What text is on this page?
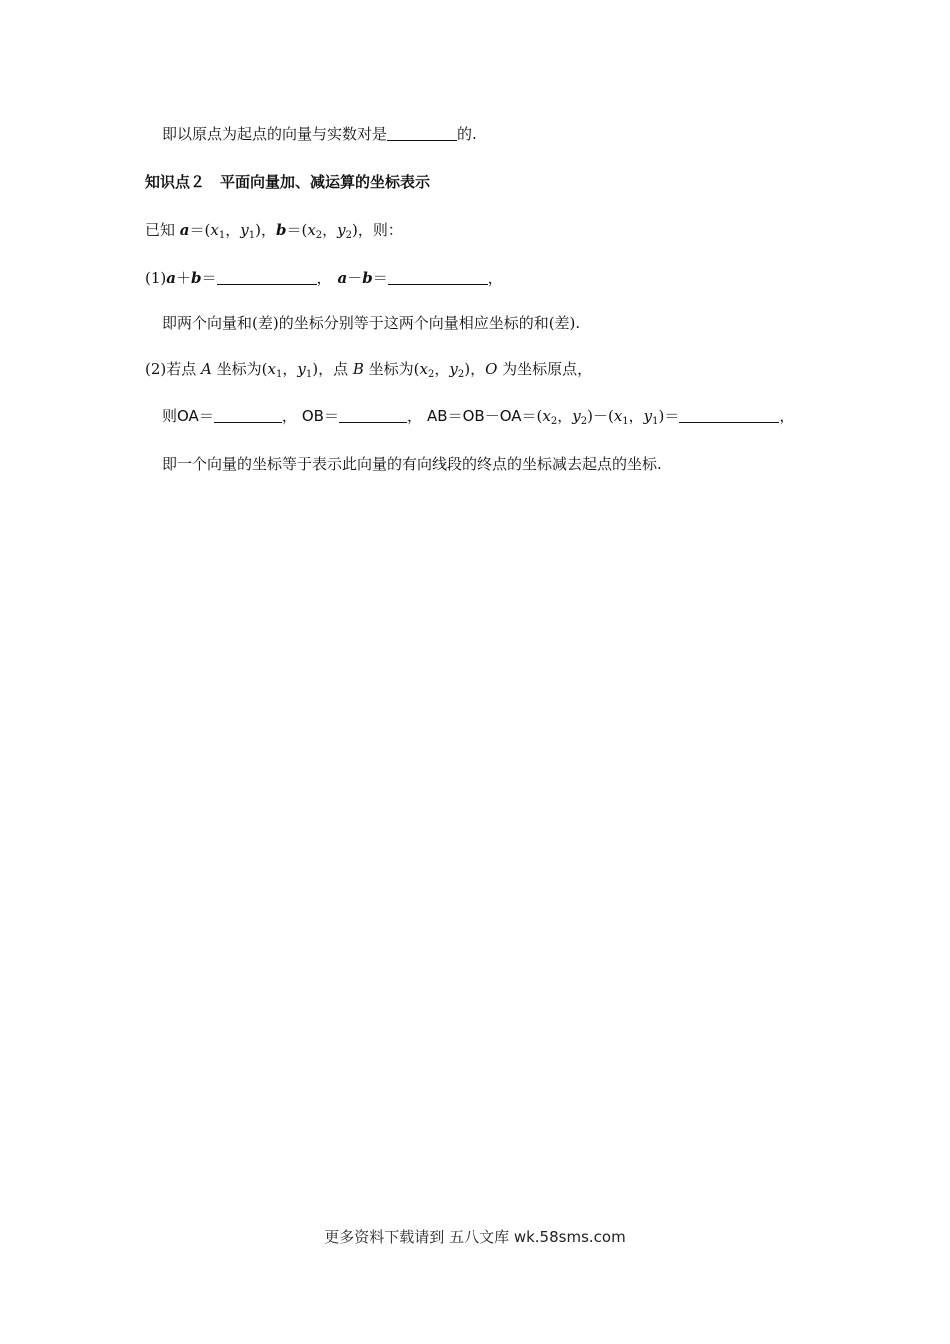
即以原点为起点的向量与实数对是	的.
知识点２　平面向量加、减运算的坐标表示
已知 $a=(x_1$，$y_1$)，$b=(x_2$，$y_2$)，则：
(1)a＋b＝	， a－b＝	，
即两个向量和(差)的坐标分别等于这两个向量相应坐标的和(差).
(2)若点 A 坐标为($x_1$，$y_1$)，点 B 坐标为($x_2$，$y_2$)，O 为坐标原点，
则OA＝	， OB＝	， $AB=OB-OA=(x_2$，$y_2)-(x_1$，$y_1)=$	，
即一个向量的坐标等于表示此向量的有向线段的终点的坐标减去起点的坐标.
更多资料下载请到 五八文库 wk.58sms.com
